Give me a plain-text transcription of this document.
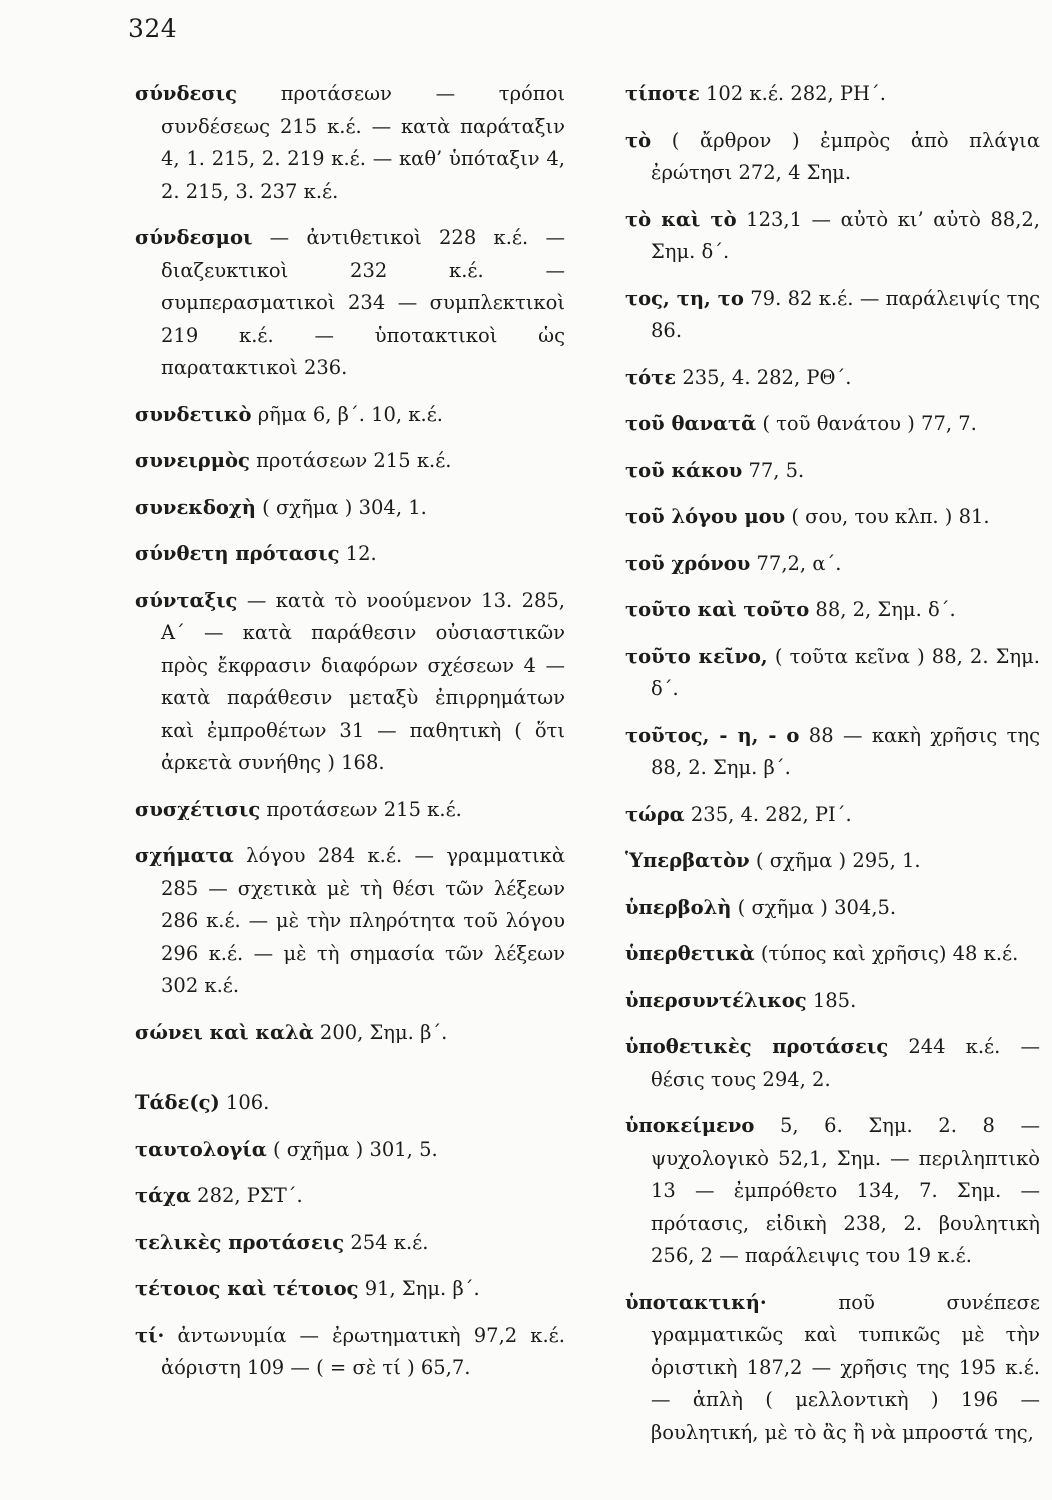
324

σύνδεσις προτάσεων — τρόποι συνδέσεως 215 κ.έ. — κατὰ παράταξιν 4, 1. 215, 2. 219 κ.έ. — καθ’ ὑπόταξιν 4, 2. 215, 3. 237 κ.έ.

σύνδεσμοι — ἀντιθετικοὶ 228 κ.έ. — διαζευκτικοὶ 232 κ.έ. — συμπερασματικοὶ 234 — συμπλεκτικοὶ 219 κ.έ. — ὑποτακτικοὶ ὡς παρατακτικοὶ 236.

συνδετικὸ ρῆμα 6, β΄. 10, κ.έ.

συνειρμὸς προτάσεων 215 κ.έ.

συνεκδοχὴ ( σχῆμα ) 304, 1.

σύνθετη πρότασις 12.

σύνταξις — κατὰ τὸ νοούμενον 13. 285, Α΄ — κατὰ παράθεσιν οὐσιαστικῶν πρὸς ἔκφρασιν διαφόρων σχέσεων 4 — κατὰ παράθεσιν μεταξὺ ἐπιρρημάτων καὶ ἐμπροθέτων 31 — παθητικὴ ( ὅτι ἀρκετὰ συνήθης ) 168.

συσχέτισις προτάσεων 215 κ.έ.

σχήματα λόγου 284 κ.έ. — γραμματικὰ 285 — σχετικὰ μὲ τὴ θέσι τῶν λέξεων 286 κ.έ. — μὲ τὴν πληρότητα τοῦ λόγου 296 κ.έ. — μὲ τὴ σημασία τῶν λέξεων 302 κ.έ.

σώνει καὶ καλὰ 200, Σημ. β΄.

Τάδε(ς) 106.

ταυτολογία ( σχῆμα ) 301, 5.

τάχα 282, ΡΣΤ΄.

τελικὲς προτάσεις 254 κ.έ.

τέτοιος καὶ τέτοιος 91, Σημ. β΄.

τί· ἀντωνυμία — ἐρωτηματικὴ 97,2 κ.έ. ἀόριστη 109 — ( = σὲ τί ) 65,7.

τίποτε 102 κ.έ. 282, ΡΗ΄.

τὸ ( ἄρθρον ) ἐμπρὸς ἀπὸ πλάγια ἐρώτησι 272, 4 Σημ.

τὸ καὶ τὸ 123,1 — αὐτὸ κι’ αὐτὸ 88,2, Σημ. δ΄.

τος, τη, το 79. 82 κ.έ. — παράλειψίς της 86.

τότε 235, 4. 282, ΡΘ΄.

τοῦ θανατᾶ ( τοῦ θανάτου ) 77, 7.

τοῦ κάκου 77, 5.

τοῦ λόγου μου ( σου, του κλπ. ) 81.

τοῦ χρόνου 77,2, α΄.

τοῦτο καὶ τοῦτο 88, 2, Σημ. δ΄.

τοῦτο κεῖνο, ( τοῦτα κεῖνα ) 88, 2. Σημ. δ΄.

τοῦτος, - η, - ο 88 — κακὴ χρῆσις της 88, 2. Σημ. β΄.

τώρα 235, 4. 282, ΡΙ΄.

Ὑπερβατὸν ( σχῆμα ) 295, 1.

ὑπερβολὴ ( σχῆμα ) 304,5.

ὑπερθετικὰ (τύπος καὶ χρῆσις) 48 κ.έ.

ὑπερσυντέλικος 185.

ὑποθετικὲς προτάσεις 244 κ.έ. — θέσις τους 294, 2.

ὑποκείμενο 5, 6. Σημ. 2. 8 — ψυχολογικὸ 52,1, Σημ. — περιληπτικὸ 13 — ἐμπρόθετο 134, 7. Σημ. — πρότασις, εἰδικὴ 238, 2. βουλητικὴ 256, 2 — παράλειψις του 19 κ.έ.

ὑποτακτική·	ποῦ συνέπεσε γραμματικῶς καὶ τυπικῶς μὲ τὴν ὁριστικὴ 187,2 — χρῆσις της 195 κ.έ. — ἁπλὴ ( μελλοντικὴ ) 196 — βουλητική, μὲ τὸ ἂς ἢ νὰ μπροστά της,
